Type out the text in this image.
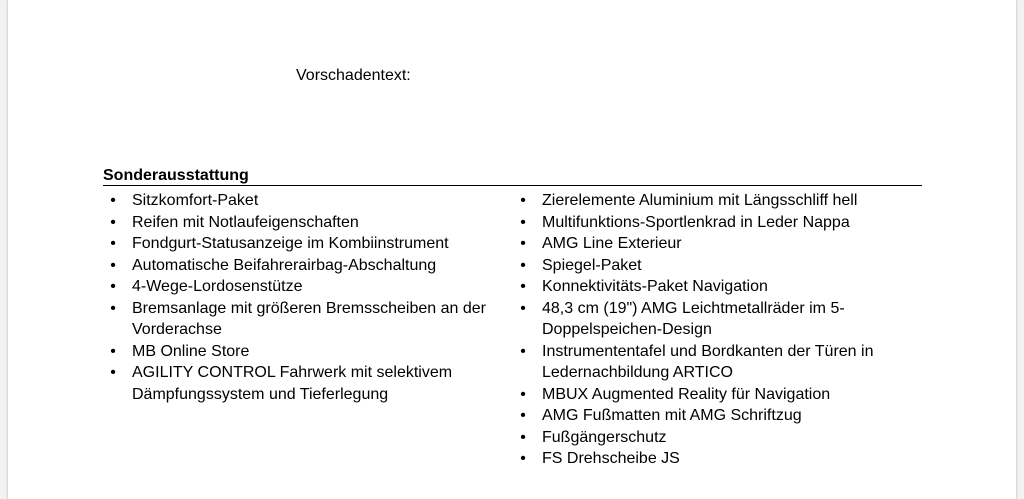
Vorschadentext:
Sonderausstattung
• Sitzkomfort-Paket
• Reifen mit Notlaufeigenschaften
• Fondgurt-Statusanzeige im Kombiinstrument
• Automatische Beifahrerairbag-Abschaltung
• 4-Wege-Lordosenstütze
• Bremsanlage mit größeren Bremsscheiben an der Vorderachse
• MB Online Store
• AGILITY CONTROL Fahrwerk mit selektivem Dämpfungssystem und Tieferlegung
• Zierelemente Aluminium mit Längsschliff hell
• Multifunktions-Sportlenkrad in Leder Nappa
• AMG Line Exterieur
• Spiegel-Paket
• Konnektivitäts-Paket Navigation
• 48,3 cm (19") AMG Leichtmetallräder im 5-Doppelspeichen-Design
• Instrumententafel und Bordkanten der Türen in Ledernachbildung ARTICO
• MBUX Augmented Reality für Navigation
• AMG Fußmatten mit AMG Schriftzug
• Fußgängerschutz
• FS Drehscheibe JS
